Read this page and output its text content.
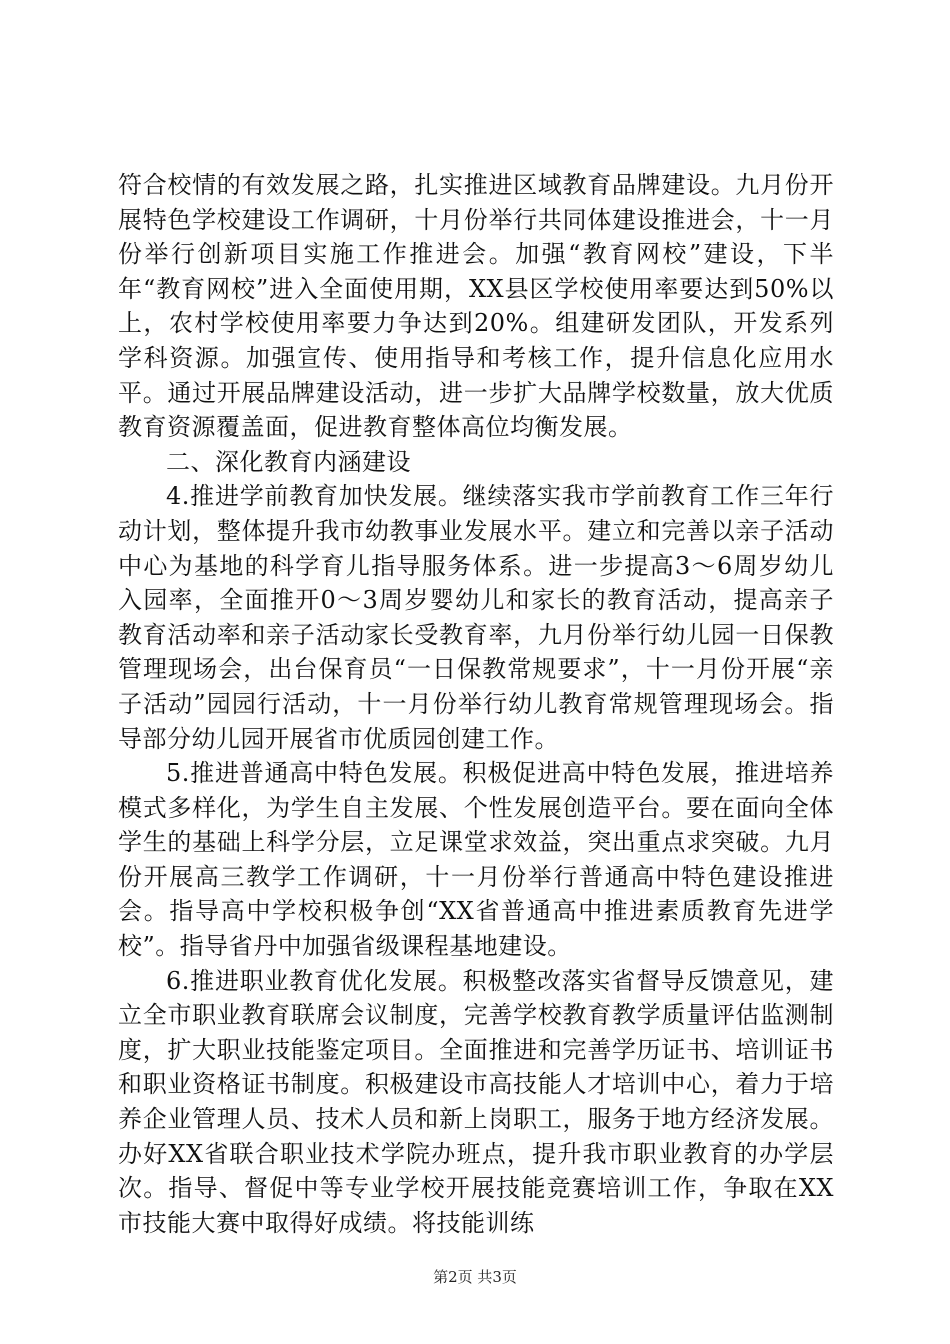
符合校情的有效发展之路，扎实推进区域教育品牌建设。九月份开展特色学校建设工作调研，十月份举行共同体建设推进会，十一月份举行创新项目实施工作推进会。加强“教育网校”建设，下半年“教育网校”进入全面使用期，XX县区学校使用率要达到50%以上，农村学校使用率要力争达到20%。组建研发团队，开发系列学科资源。加强宣传、使用指导和考核工作，提升信息化应用水平。通过开展品牌建设活动，进一步扩大品牌学校数量，放大优质教育资源覆盖面，促进教育整体高位均衡发展。

二、深化教育内涵建设

4.推进学前教育加快发展。继续落实我市学前教育工作三年行动计划，整体提升我市幼教事业发展水平。建立和完善以亲子活动中心为基地的科学育儿指导服务体系。进一步提高3～6周岁幼儿入园率，全面推开0～3周岁婴幼儿和家长的教育活动，提高亲子教育活动率和亲子活动家长受教育率，九月份举行幼儿园一日保教管理现场会，出台保育员“一日保教常规要求”，十一月份开展“亲子活动”园园行活动，十一月份举行幼儿教育常规管理现场会。指导部分幼儿园开展省市优质园创建工作。

5.推进普通高中特色发展。积极促进高中特色发展，推进培养模式多样化，为学生自主发展、个性发展创造平台。要在面向全体学生的基础上科学分层，立足课堂求效益，突出重点求突破。九月份开展高三教学工作调研，十一月份举行普通高中特色建设推进会。指导高中学校积极争创“XX省普通高中推进素质教育先进学校”。指导省丹中加强省级课程基地建设。

6.推进职业教育优化发展。积极整改落实省督导反馈意见，建立全市职业教育联席会议制度，完善学校教育教学质量评估监测制度，扩大职业技能鉴定项目。全面推进和完善学历证书、培训证书和职业资格证书制度。积极建设市高技能人才培训中心，着力于培养企业管理人员、技术人员和新上岗职工，服务于地方经济发展。办好XX省联合职业技术学院办班点，提升我市职业教育的办学层次。指导、督促中等专业学校开展技能竞赛培训工作，争取在XX市技能大赛中取得好成绩。将技能训练

第2页 共3页
